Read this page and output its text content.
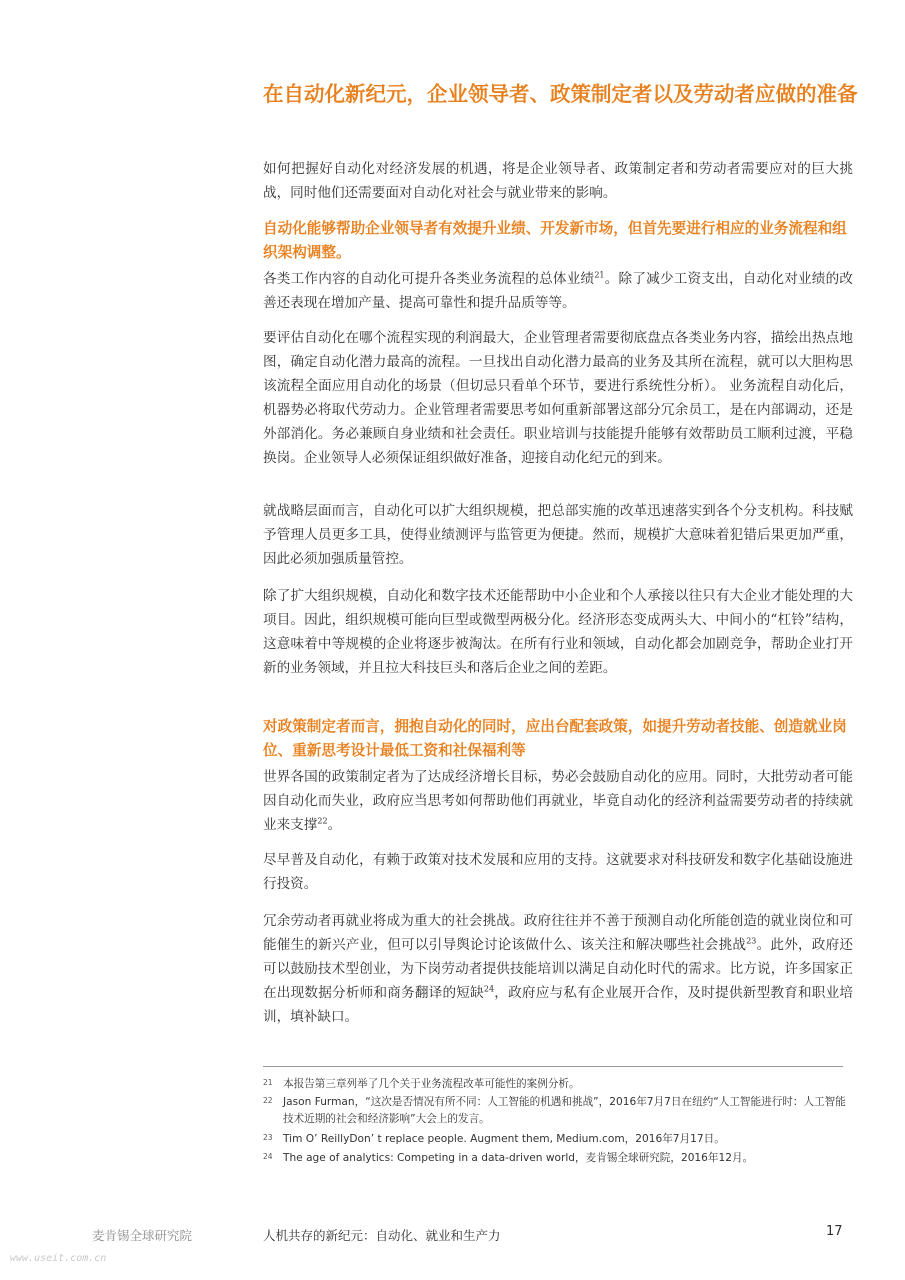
在自动化新纪元，企业领导者、政策制定者以及劳动者应做的准备

如何把握好自动化对经济发展的机遇，将是企业领导者、政策制定者和劳动者需要应对的巨大挑战，同时他们还需要面对自动化对社会与就业带来的影响。

自动化能够帮助企业领导者有效提升业绩、开发新市场，但首先要进行相应的业务流程和组织架构调整。

各类工作内容的自动化可提升各类业务流程的总体业绩$^{21}$。除了减少工资支出，自动化对业绩的改善还表现在增加产量、提高可靠性和提升品质等等。

要评估自动化在哪个流程实现的利润最大，企业管理者需要彻底盘点各类业务内容，描绘出热点地图，确定自动化潜力最高的流程。一旦找出自动化潜力最高的业务及其所在流程，就可以大胆构思该流程全面应用自动化的场景（但切忌只看单个环节，要进行系统性分析）。 业务流程自动化后，机器势必将取代劳动力。企业管理者需要思考如何重新部署这部分冗余员工，是在内部调动，还是外部消化。务必兼顾自身业绩和社会责任。职业培训与技能提升能够有效帮助员工顺利过渡，平稳换岗。企业领导人必须保证组织做好准备，迎接自动化纪元的到来。

就战略层面而言，自动化可以扩大组织规模，把总部实施的改革迅速落实到各个分支机构。科技赋予管理人员更多工具，使得业绩测评与监管更为便捷。然而，规模扩大意味着犯错后果更加严重，因此必须加强质量管控。

除了扩大组织规模，自动化和数字技术还能帮助中小企业和个人承接以往只有大企业才能处理的大项目。因此，组织规模可能向巨型或微型两极分化。经济形态变成两头大、中间小的“杠铃”结构，这意味着中等规模的企业将逐步被淘汰。在所有行业和领域，自动化都会加剧竞争，帮助企业打开新的业务领域，并且拉大科技巨头和落后企业之间的差距。

对政策制定者而言，拥抱自动化的同时，应出台配套政策，如提升劳动者技能、创造就业岗位、重新思考设计最低工资和社保福利等

世界各国的政策制定者为了达成经济增长目标，势必会鼓励自动化的应用。同时，大批劳动者可能因自动化而失业，政府应当思考如何帮助他们再就业，毕竟自动化的经济利益需要劳动者的持续就业来支撑$^{22}$。

尽早普及自动化，有赖于政策对技术发展和应用的支持。这就要求对科技研发和数字化基础设施进行投资。

冗余劳动者再就业将成为重大的社会挑战。政府往往并不善于预测自动化所能创造的就业岗位和可能催生的新兴产业，但可以引导舆论讨论该做什么、该关注和解决哪些社会挑战$^{23}$。此外，政府还可以鼓励技术型创业，为下岗劳动者提供技能培训以满足自动化时代的需求。比方说，许多国家正在出现数据分析师和商务翻译的短缺$^{24}$，政府应与私有企业展开合作，及时提供新型教育和职业培训，填补缺口。

21 本报告第三章列举了几个关于业务流程改革可能性的案例分析。
22 Jason Furman，“这次是否情况有所不同：人工智能的机遇和挑战”，2016年7月7日在纽约“人工智能进行时：人工智能技术近期的社会和经济影响”大会上的发言。
23 Tim O’ ReillyDon’ t replace people. Augment them, Medium.com，2016年7月17日。
24 The age of analytics: Competing in a data-driven world，麦肯锡全球研究院，2016年12月。
麦肯锡全球研究院	人机共存的新纪元：自动化、就业和生产力	17
www.useit.com.cn
